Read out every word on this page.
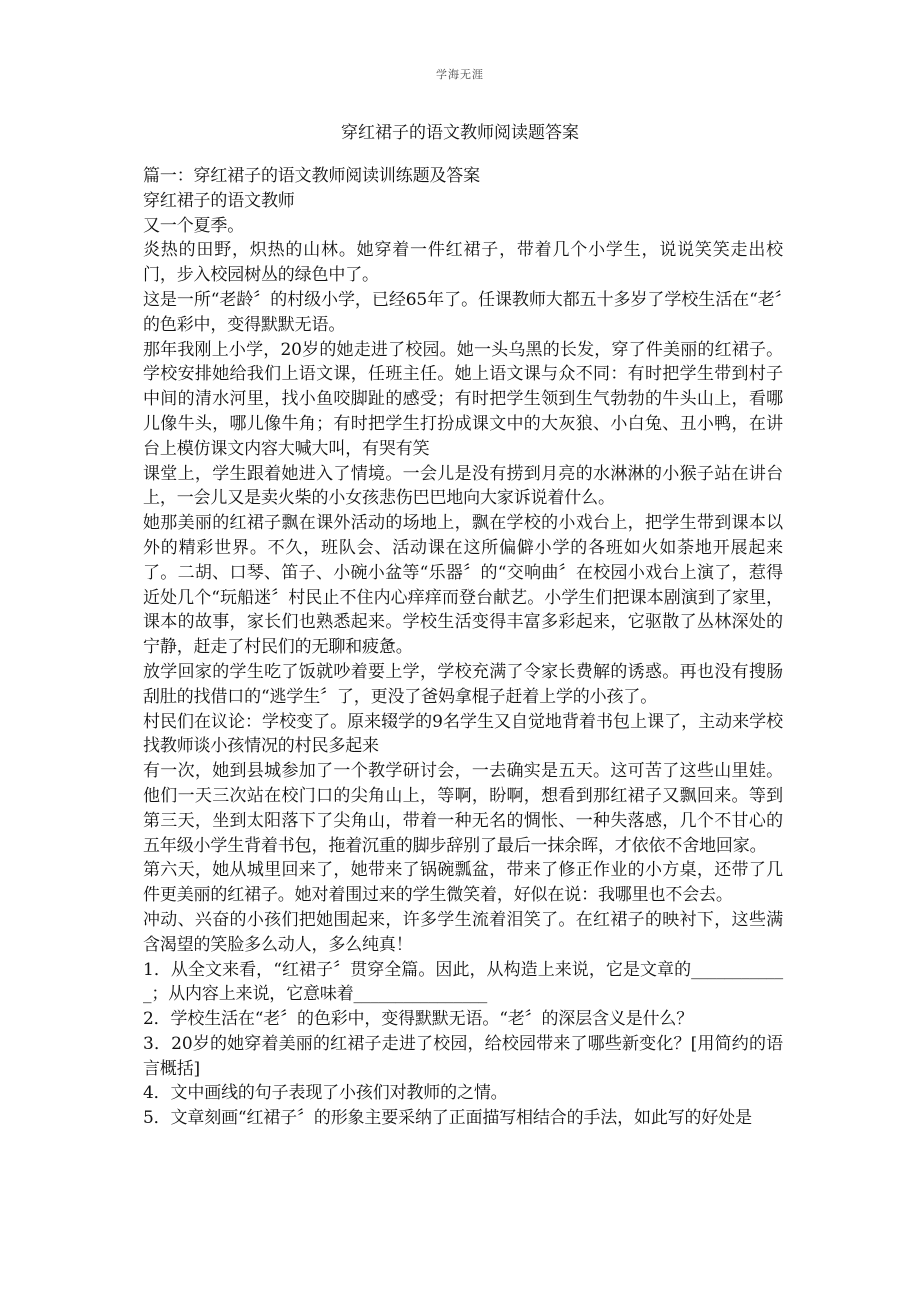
学海无涯
穿红裙子的语文教师阅读题答案

篇一：穿红裙子的语文教师阅读训练题及答案

穿红裙子的语文教师

又一个夏季。

炎热的田野，炽热的山林。她穿着一件红裙子，带着几个小学生，说说笑笑走出校门，步入校园树丛的绿色中了。

这是一所“老龄〞的村级小学，已经65年了。任课教师大都五十多岁了学校生活在“老〞的色彩中，变得默默无语。

那年我刚上小学，20岁的她走进了校园。她一头乌黑的长发，穿了件美丽的红裙子。学校安排她给我们上语文课，任班主任。她上语文课与众不同：有时把学生带到村子中间的清水河里，找小鱼咬脚趾的感受；有时把学生领到生气勃勃的牛头山上，看哪儿像牛头，哪儿像牛角；有时把学生打扮成课文中的大灰狼、小白兔、丑小鸭，在讲台上模仿课文内容大喊大叫，有哭有笑

课堂上，学生跟着她进入了情境。一会儿是没有捞到月亮的水淋淋的小猴子站在讲台上，一会儿又是卖火柴的小女孩悲伤巴巴地向大家诉说着什么。

她那美丽的红裙子飘在课外活动的场地上，飘在学校的小戏台上，把学生带到课本以外的精彩世界。不久，班队会、活动课在这所偏僻小学的各班如火如荼地开展起来了。二胡、口琴、笛子、小碗小盆等“乐器〞的“交响曲〞在校园小戏台上演了，惹得近处几个“玩船迷〞村民止不住内心痒痒而登台献艺。小学生们把课本剧演到了家里，课本的故事，家长们也熟悉起来。学校生活变得丰富多彩起来，它驱散了丛林深处的宁静，赶走了村民们的无聊和疲惫。

放学回家的学生吃了饭就吵着要上学，学校充满了令家长费解的诱惑。再也没有搜肠刮肚的找借口的“逃学生〞了，更没了爸妈拿棍子赶着上学的小孩了。

村民们在议论：学校变了。原来辍学的9名学生又自觉地背着书包上课了，主动来学校找教师谈小孩情况的村民多起来

有一次，她到县城参加了一个教学研讨会，一去确实是五天。这可苦了这些山里娃。他们一天三次站在校门口的尖角山上，等啊，盼啊，想看到那红裙子又飘回来。等到第三天，坐到太阳落下了尖角山，带着一种无名的惆怅、一种失落感，几个不甘心的五年级小学生背着书包，拖着沉重的脚步辞别了最后一抹余晖，才依依不舍地回家。

第六天，她从城里回来了，她带来了锅碗瓢盆，带来了修正作业的小方桌，还带了几件更美丽的红裙子。她对着围过来的学生微笑着，好似在说：我哪里也不会去。

冲动、兴奋的小孩们把她围起来，许多学生流着泪笑了。在红裙子的映衬下，这些满含渴望的笑脸多么动人，多么纯真！

1．从全文来看，“红裙子〞贯穿全篇。因此，从构造上来说，它是文章的____________；从内容上来说，它意味着________________

2．学校生活在“老〞的色彩中，变得默默无语。“老〞的深层含义是什么？

3．20岁的她穿着美丽的红裙子走进了校园，给校园带来了哪些新变化？[用简约的语言概括]

4．文中画线的句子表现了小孩们对教师的之情。

5．文章刻画“红裙子〞的形象主要采纳了正面描写相结合的手法，如此写的好处是
